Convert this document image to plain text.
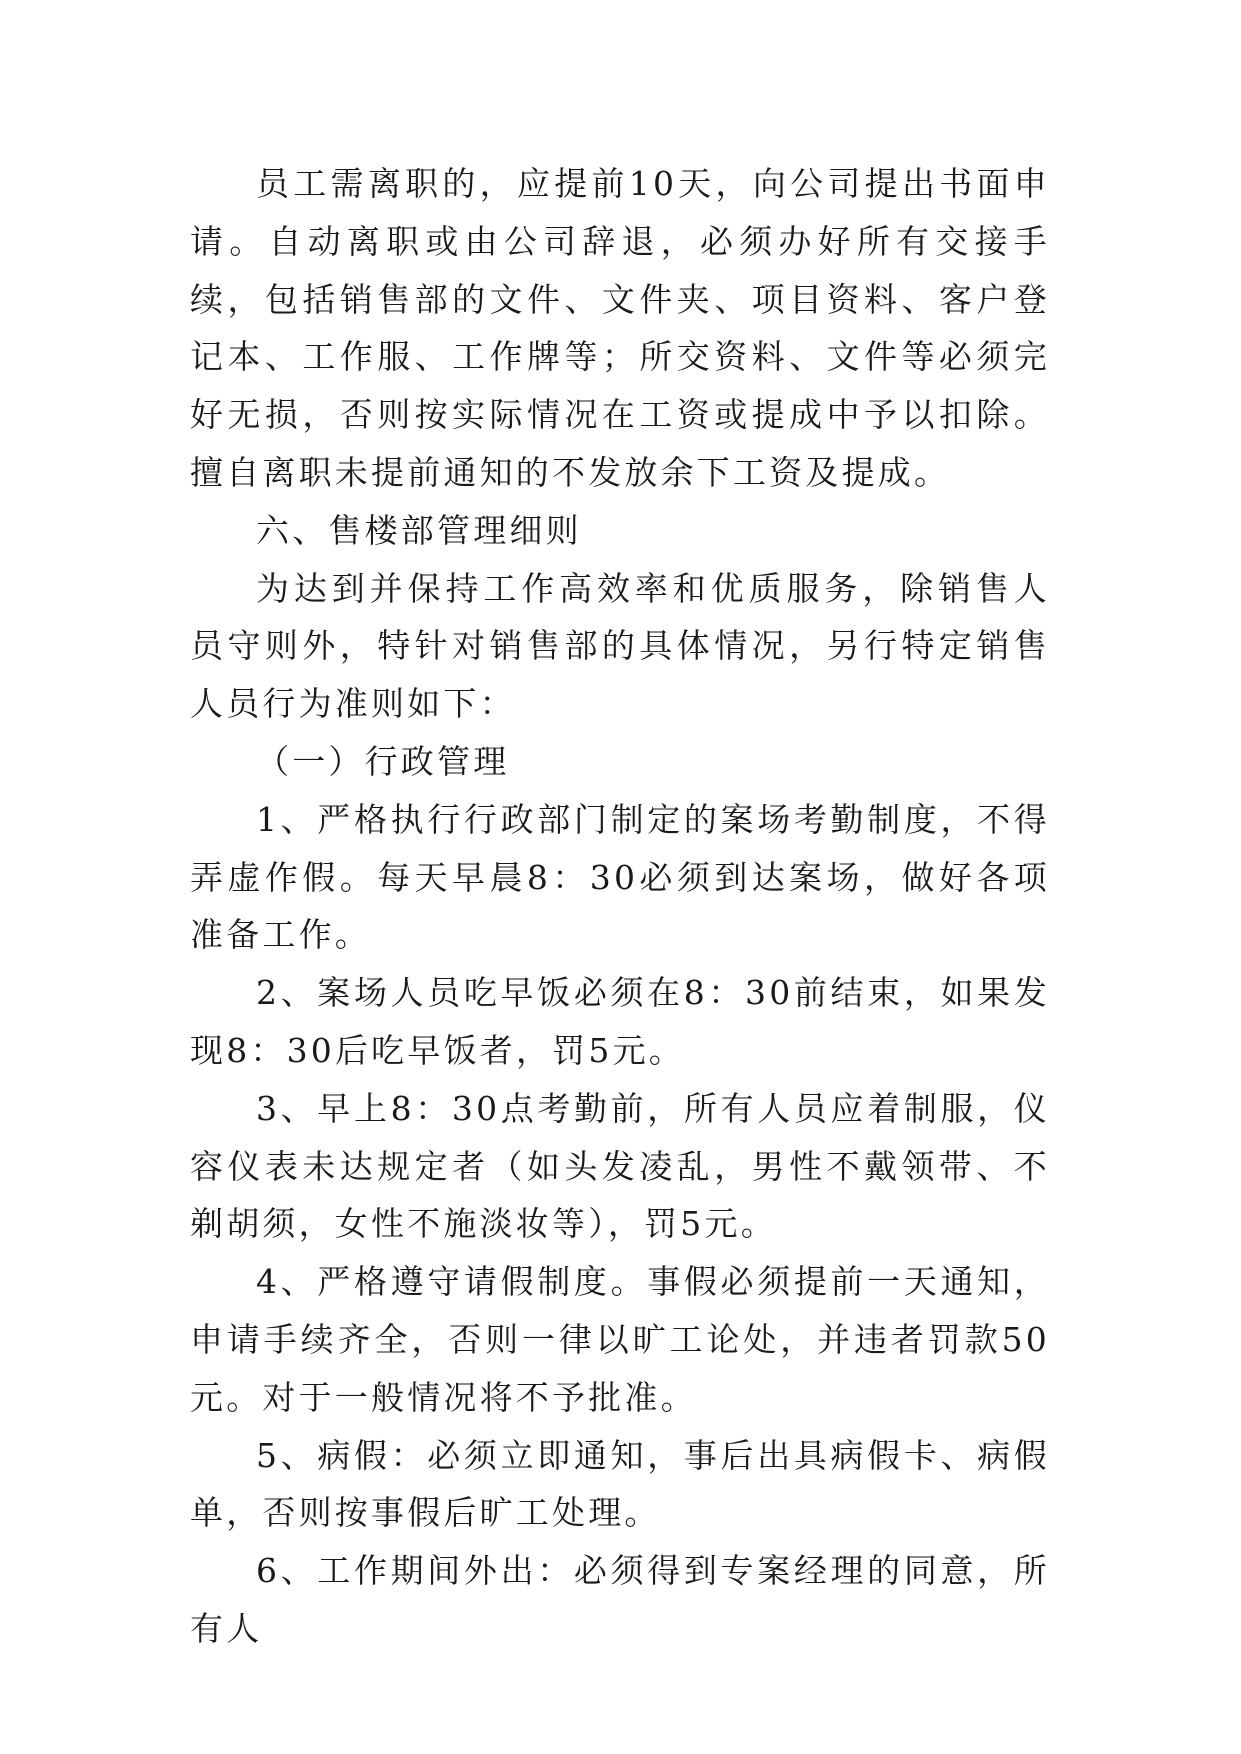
员工需离职的，应提前10天，向公司提出书面申请。自动离职或由公司辞退，必须办好所有交接手续，包括销售部的文件、文件夹、项目资料、客户登记本、工作服、工作牌等；所交资料、文件等必须完好无损，否则按实际情况在工资或提成中予以扣除。擅自离职未提前通知的不发放余下工资及提成。

六、售楼部管理细则

为达到并保持工作高效率和优质服务，除销售人员守则外，特针对销售部的具体情况，另行特定销售人员行为准则如下：

（一）行政管理

1、严格执行行政部门制定的案场考勤制度，不得弄虚作假。每天早晨8：30必须到达案场，做好各项准备工作。

2、案场人员吃早饭必须在8：30前结束，如果发现8：30后吃早饭者，罚5元。

3、早上8：30点考勤前，所有人员应着制服，仪容仪表未达规定者（如头发凌乱，男性不戴领带、不剃胡须，女性不施淡妆等），罚5元。

4、严格遵守请假制度。事假必须提前一天通知，申请手续齐全，否则一律以旷工论处，并违者罚款50元。对于一般情况将不予批准。

5、病假：必须立即通知，事后出具病假卡、病假单，否则按事假后旷工处理。

6、工作期间外出：必须得到专案经理的同意，所有人
